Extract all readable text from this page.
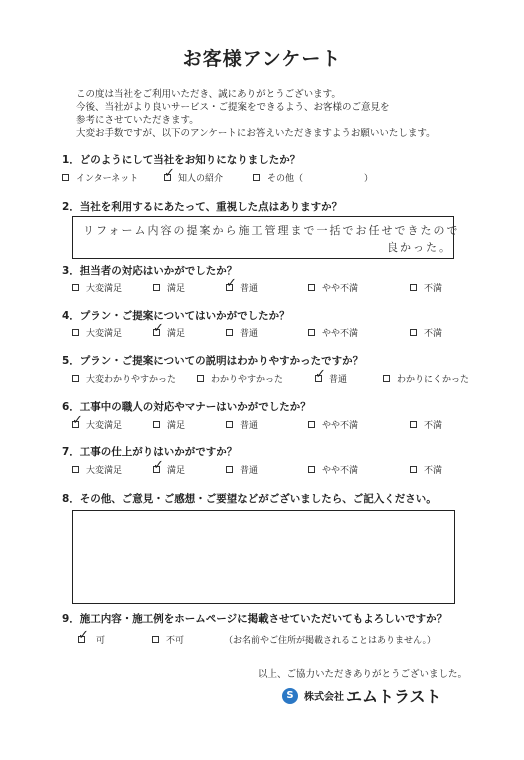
お客様アンケート
この度は当社をご利用いただき、誠にありがとうございます。
今後、当社がより良いサービス・ご提案をできるよう、お客様のご意見を
参考にさせていただきます。
大変お手数ですが、以下のアンケートにお答えいただきますようお願いいたします。
1．どのようにして当社をお知りになりましたか？
インターネット ✓	知人の紹介	その他（	）
2．当社を利用するにあたって、重視した点はありますか？
リフォーム内容の提案から施工管理まで一括でお任せできたので
良かった。
3．担当者の対応はいかがでしたか？
大変満足	満足 ✓	普通	やや不満	不満
4．プラン・ご提案についてはいかがでしたか？
大変満足 ✓	満足	普通	やや不満	不満
5．プラン・ご提案についての説明はわかりやすかったですか？
大変わかりやすかった	わかりやすかった ✓	普通	わかりにくかった
6．工事中の職人の対応やマナーはいかがでしたか？
✓
大変満足	満足	普通	やや不満	不満
7．工事の仕上がりはいかがですか？
大変満足 ✓	満足	普通	やや不満	不満
8．その他、ご意見・ご感想・ご要望などがございましたら、ご記入ください。
9．施工内容・施工例をホームページに掲載させていただいてもよろしいですか？
✓
可	不可	（お名前やご住所が掲載されることはありません。）
以上、ご協力いただきありがとうございました。
S 株式会社 エムトラスト
